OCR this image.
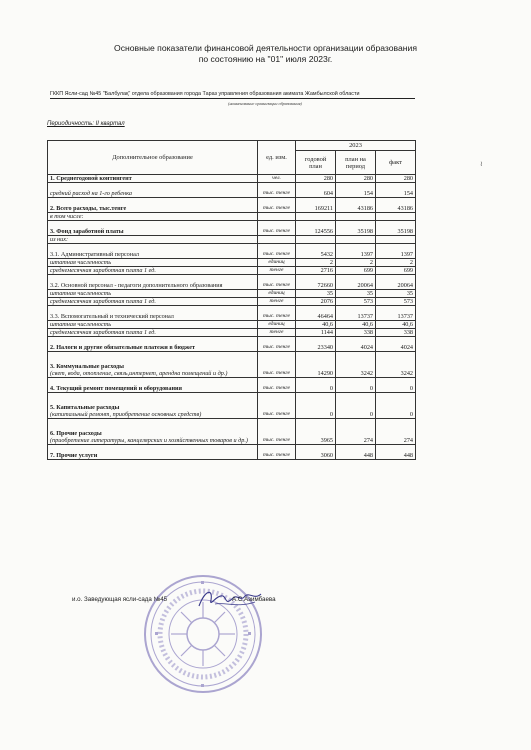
Основные показатели финансовой деятельности организации образования
по состоянию на "01" июля 2023г.
ГККП Ясли-сад №45 "Балбулақ" отдела образования города Тараз управления образования акимата Жамбылской области
(наименование организации образования)
Периодичность: II квартал
≀
Дополнительное образование	ед. изм.	2023		
		годовой план	план на период	факт
1. Среднегодовой контингент	чел.	280	280	280
средний расход на 1-го ребенка	тыс. тенге	604	154	154
2. Всего расходы, тыс.тенге	тыс. тенге	169211	43186	43186
в том числе:				
3. Фонд заработной платы	тыс. тенге	124556	35198	35198
из них:				
3.1. Административный персонал	тыс. тенге	5432	1397	1397
штатная численность	единиц	2	2	2
среднемесячная заработная плата 1 ед.	тенге	2716	699	699
3.2. Основной персонал - педагоги дополнительного образования	тыс. тенге	72660	20064	20064
штатная численность	единиц	35	35	35
среднемесячная заработная плата 1 ед.	тенге	2076	573	573
3.3. Вспомогательный и технический персонал	тыс. тенге	46464	13737	13737
штатная численность	единиц	40,6	40,6	40,6
среднемесячная заработная плата 1 ед.	тенге	1144	338	338
2. Налоги и другие обязательные платежи в бюджет	тыс. тенге	23340	4024	4024
3. Коммунальные расходы
(свет, вода, отопление, связь,интернет, арендна помещений и др.)	тыс. тенге	14290	3242	3242
4. Текущий ремонт помещений и оборудования	тыс. тенге	0	0	0
5. Капитальные расходы
(капитальный ремонт, приобретение основных средств)	тыс. тенге	0	0	0
6. Прочие расходы
(приобретение литературы, канцелярских и хозяйственных товаров и др.)	тыс. тенге	3965	274	274
7. Прочие услуги	тыс. тенге	3060	448	448
и.о. Заведующая ясли-сада №45	А.С.Азимбаева
